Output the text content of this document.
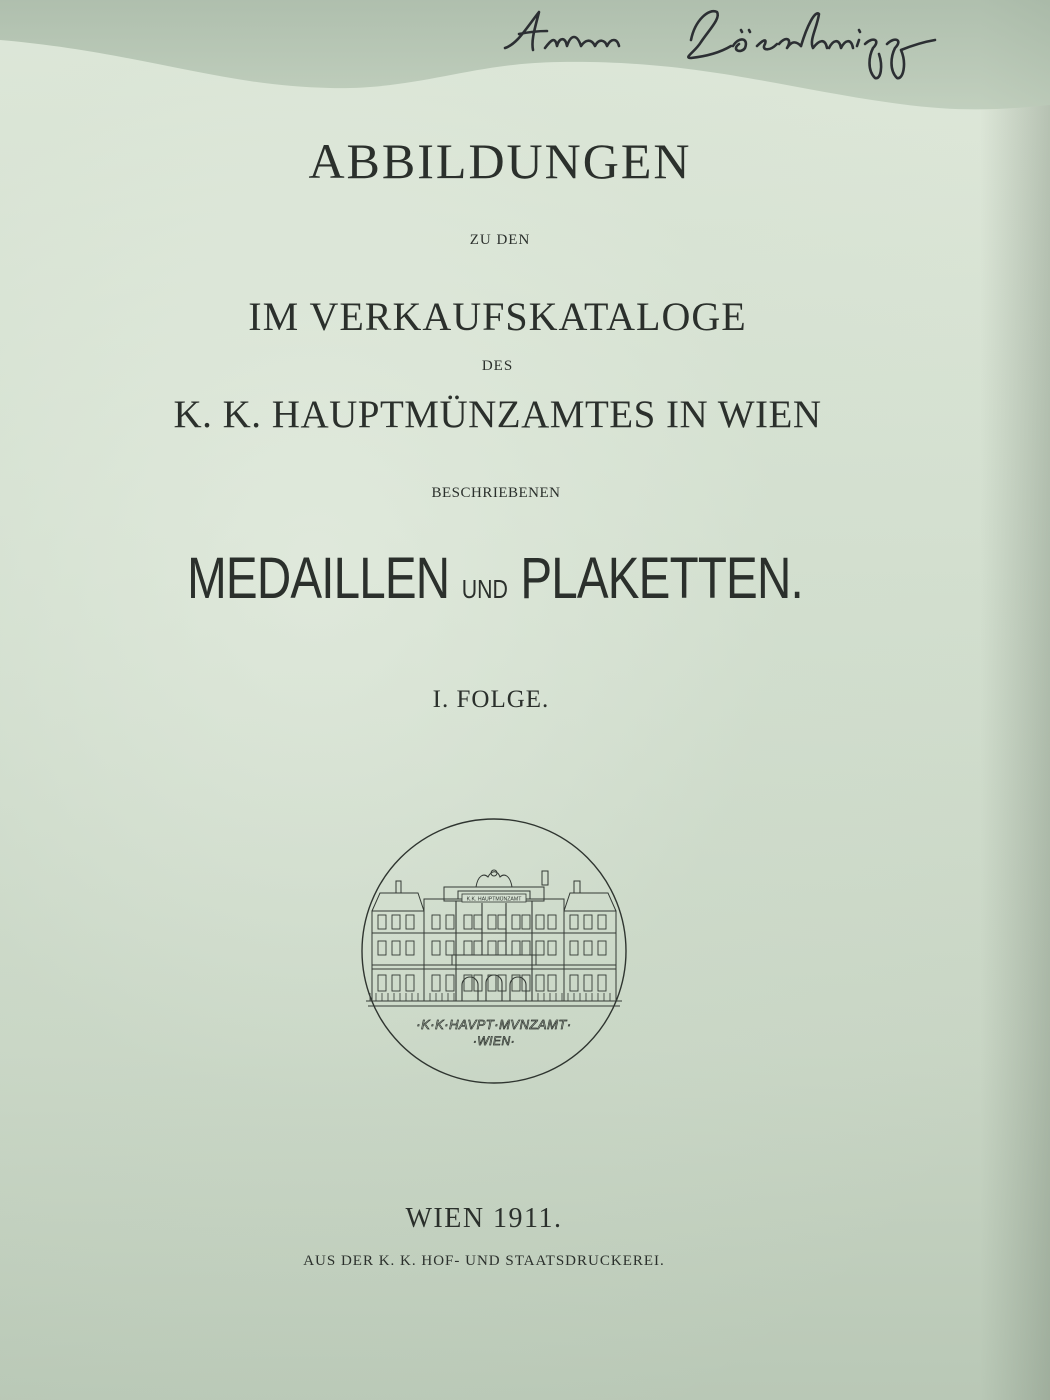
ABBILDUNGEN
ZU DEN
IM VERKAUFSKATALOGE
DES
K. K. HAUPTMÜNZAMTES IN WIEN
BESCHRIEBENEN
MEDAILLEN UND PLAKETTEN.
I. FOLGE.
K.K. HAUPTMÜNZAMT
·K·K·HAVPT·MVNZAMT·
·WIEN·
WIEN 1911.
AUS DER K. K. HOF- UND STAATSDRUCKEREI.
